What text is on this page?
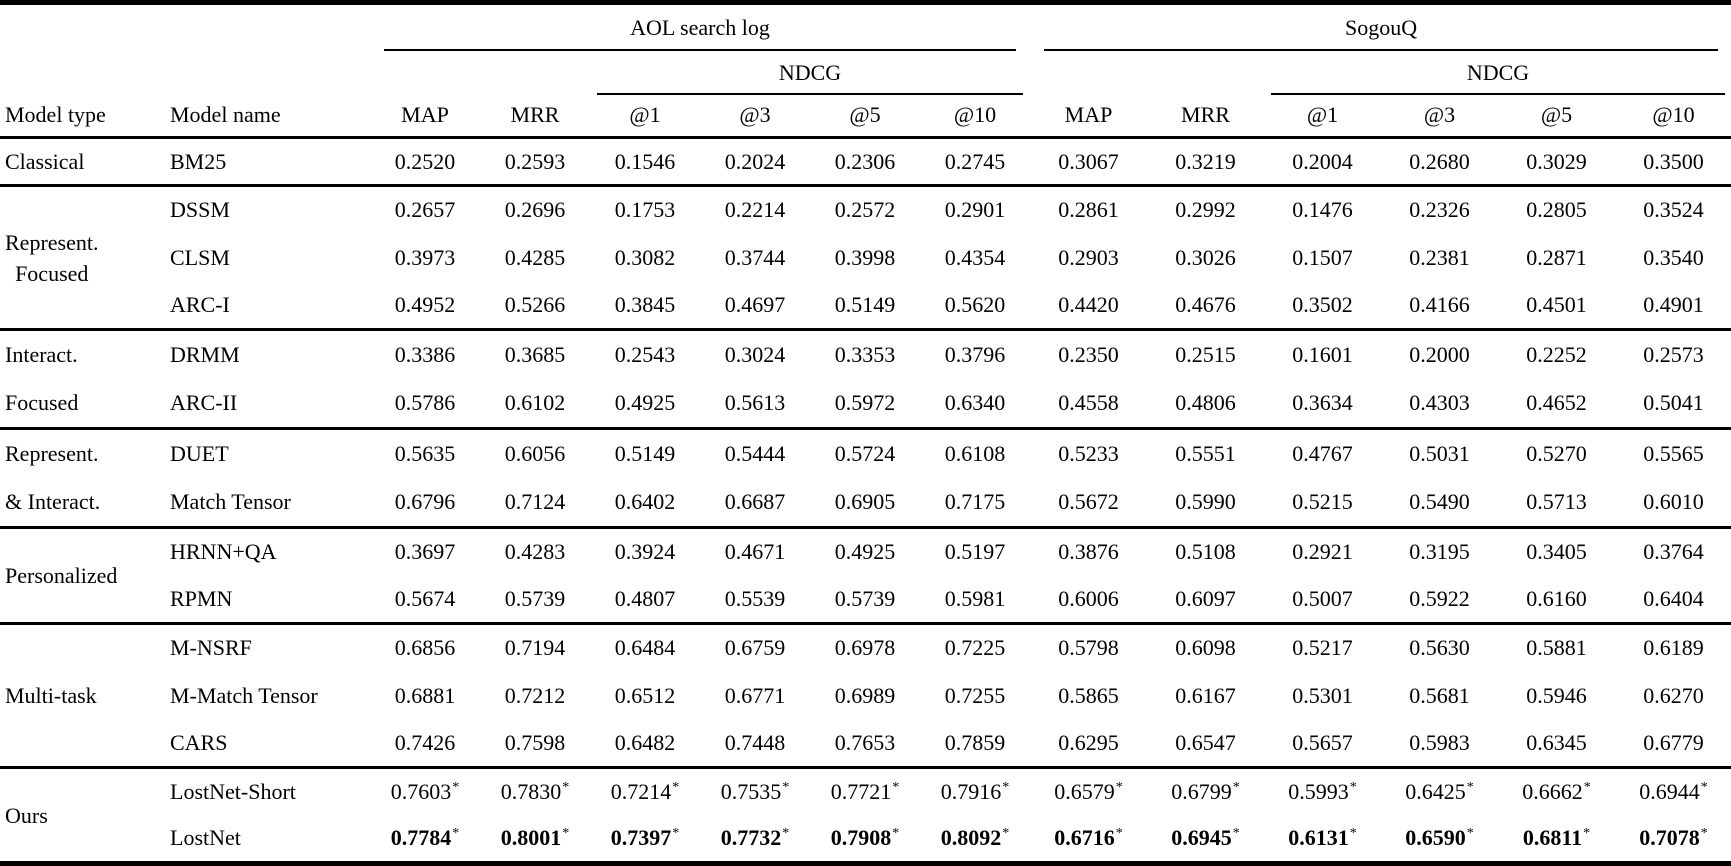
		AOL search log						SogouQ					
				NDCG						NDCG			
Model type	Model name	MAP	MRR	@1	@3	@5	@10	MAP	MRR	@1	@3	@5	@10

Classical	BM25	0.2520	0.2593	0.1546	0.2024	0.2306	0.2745	0.3067	0.3219	0.2004	0.2680	0.3029	0.3500

Represent.
Focused	DSSM	0.2657	0.2696	0.1753	0.2214	0.2572	0.2901	0.2861	0.2992	0.1476	0.2326	0.2805	0.3524
	CLSM	0.3973	0.4285	0.3082	0.3744	0.3998	0.4354	0.2903	0.3026	0.1507	0.2381	0.2871	0.3540
	ARC-I	0.4952	0.5266	0.3845	0.4697	0.5149	0.5620	0.4420	0.4676	0.3502	0.4166	0.4501	0.4901

Interact.
Focused	DRMM	0.3386	0.3685	0.2543	0.3024	0.3353	0.3796	0.2350	0.2515	0.1601	0.2000	0.2252	0.2573
	ARC-II	0.5786	0.6102	0.4925	0.5613	0.5972	0.6340	0.4558	0.4806	0.3634	0.4303	0.4652	0.5041

Represent.
& Interact.	DUET	0.5635	0.6056	0.5149	0.5444	0.5724	0.6108	0.5233	0.5551	0.4767	0.5031	0.5270	0.5565
	Match Tensor	0.6796	0.7124	0.6402	0.6687	0.6905	0.7175	0.5672	0.5990	0.5215	0.5490	0.5713	0.6010

Personalized	HRNN+QA	0.3697	0.4283	0.3924	0.4671	0.4925	0.5197	0.3876	0.5108	0.2921	0.3195	0.3405	0.3764
	RPMN	0.5674	0.5739	0.4807	0.5539	0.5739	0.5981	0.6006	0.6097	0.5007	0.5922	0.6160	0.6404

Multi-task	M-NSRF	0.6856	0.7194	0.6484	0.6759	0.6978	0.7225	0.5798	0.6098	0.5217	0.5630	0.5881	0.6189
	M-Match Tensor	0.6881	0.7212	0.6512	0.6771	0.6989	0.7255	0.5865	0.6167	0.5301	0.5681	0.5946	0.6270
	CARS	0.7426	0.7598	0.6482	0.7448	0.7653	0.7859	0.6295	0.6547	0.5657	0.5983	0.6345	0.6779

Ours	LostNet-Short	0.7603*	0.7830*	0.7214*	0.7535*	0.7721*	0.7916*	0.6579*	0.6799*	0.5993*	0.6425*	0.6662*	0.6944*
	LostNet	0.7784*	0.8001*	0.7397*	0.7732*	0.7908*	0.8092*	0.6716*	0.6945*	0.6131*	0.6590*	0.6811*	0.7078*
